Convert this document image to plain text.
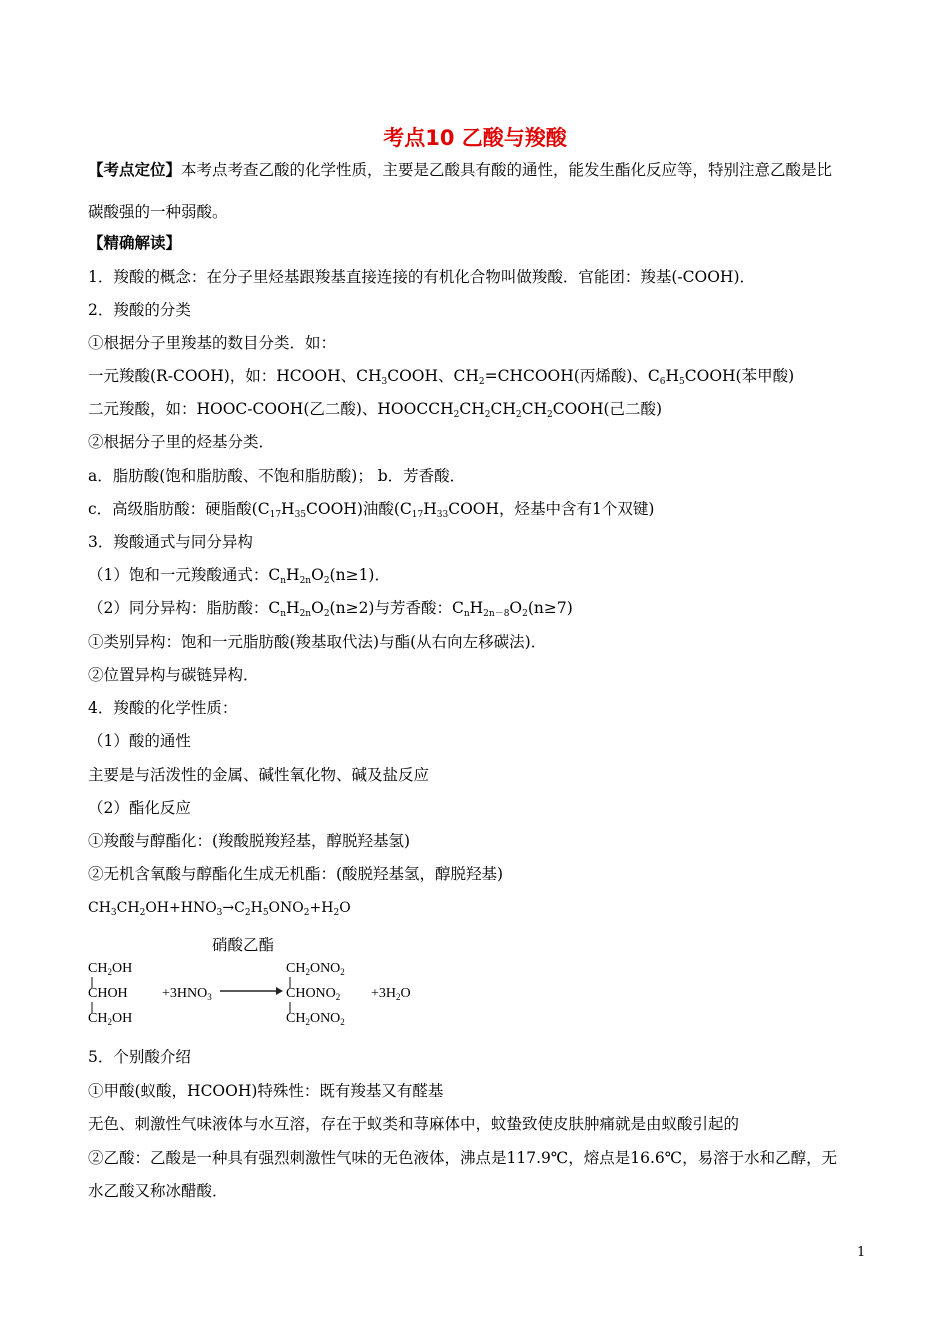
考点10 乙酸与羧酸
【考点定位】本考点考查乙酸的化学性质，主要是乙酸具有酸的通性，能发生酯化反应等，特别注意乙酸是比
碳酸强的一种弱酸。
【精确解读】
1．羧酸的概念：在分子里烃基跟羧基直接连接的有机化合物叫做羧酸．官能团：羧基(-COOH)．
2．羧酸的分类
①根据分子里羧基的数目分类．如：
一元羧酸(R-COOH)，如：HCOOH、$CH_3COOH$、$CH_2=CHCOOH$(丙烯酸)、$C_6H_5COOH$(苯甲酸)
二元羧酸，如：HOOC-COOH(乙二酸)、$HOOCCH_2CH_2CH_2CH_2COOH$(己二酸)
②根据分子里的烃基分类．
a．脂肪酸(饱和脂肪酸、不饱和脂肪酸)； b．芳香酸．
c．高级脂肪酸：硬脂酸$(C_{17}H_{35}COOH)$油酸($C_{17}H_{33}COOH$，烃基中含有1个双键)
3．羧酸通式与同分异构
（1）饱和一元羧酸通式：$C_nH_{2n}O_2(n\ge 1)$．
（2）同分异构：脂肪酸：$C_nH_{2n}O_2(n\ge 2)$与芳香酸：$C_nH_{2n-8}O_2(n\ge 7)$
①类别异构：饱和一元脂肪酸(羧基取代法)与酯(从右向左移碳法)．
②位置异构与碳链异构．
4．羧酸的化学性质：
（1）酸的通性
主要是与活泼性的金属、碱性氧化物、碱及盐反应
（2）酯化反应
①羧酸与醇酯化：(羧酸脱羧羟基，醇脱羟基氢)
②无机含氧酸与醇酯化生成无机酯：(酸脱羟基氢，醇脱羟基)
$CH_3CH_2OH+HNO_3\to C_2H_5ONO_2+H_2O$
硝酸乙酯
$CH_2OH$
CHOH
$CH_2OH$
$+3HNO_3$
$CH_2ONO_2$
$CHONO_2$
$CH_2ONO_2$
$+3H_2O$
5．个别酸介绍
①甲酸(蚁酸，HCOOH)特殊性：既有羧基又有醛基
无色、刺激性气味液体与水互溶，存在于蚁类和荨麻体中，蚊蛰致使皮肤肿痛就是由蚁酸引起的
②乙酸：乙酸是一种具有强烈刺激性气味的无色液体，沸点是117.9℃，熔点是16.6℃，易溶于水和乙醇，无
水乙酸又称冰醋酸．
1
